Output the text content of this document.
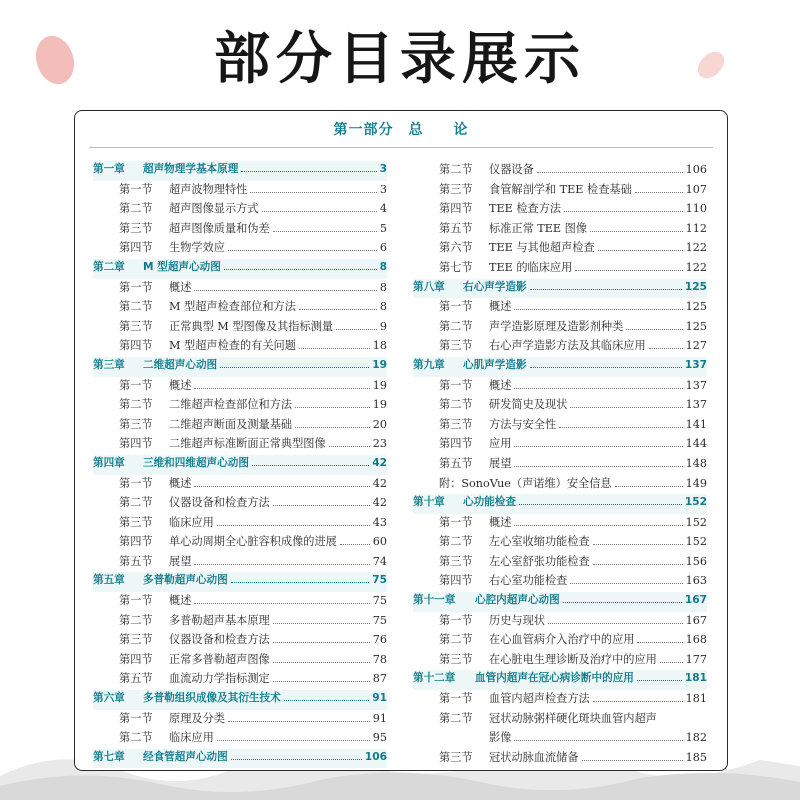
部分目录展示
第一部分　总　　论
第一章	超声物理学基本原理	3
第一节	超声波物理特性	3
第二节	超声图像显示方式	4
第三节	超声图像质量和伪差	5
第四节	生物学效应	6
第二章	M 型超声心动图	8
第一节	概述	8
第二节	M 型超声检查部位和方法	8
第三节	正常典型 M 型图像及其指标测量	9
第四节	M 型超声检查的有关问题	18
第三章	二维超声心动图	19
第一节	概述	19
第二节	二维超声检查部位和方法	19
第三节	二维超声断面及测量基础	20
第四节	二维超声标准断面正常典型图像	23
第四章	三维和四维超声心动图	42
第一节	概述	42
第二节	仪器设备和检查方法	42
第三节	临床应用	43
第四节	单心动周期全心脏容积成像的进展	60
第五节	展望	74
第五章	多普勒超声心动图	75
第一节	概述	75
第二节	多普勒超声基本原理	75
第三节	仪器设备和检查方法	76
第四节	正常多普勒超声图像	78
第五节	血流动力学指标测定	87
第六章	多普勒组织成像及其衍生技术	91
第一节	原理及分类	91
第二节	临床应用	95
第七章	经食管超声心动图	106
第二节	仪器设备	106
第三节	食管解剖学和 TEE 检查基础	107
第四节	TEE 检查方法	110
第五节	标准正常 TEE 图像	112
第六节	TEE 与其他超声检查	122
第七节	TEE 的临床应用	122
第八章	右心声学造影	125
第一节	概述	125
第二节	声学造影原理及造影剂种类	125
第三节	右心声学造影方法及其临床应用	127
第九章	心肌声学造影	137
第一节	概述	137
第二节	研发简史及现状	137
第三节	方法与安全性	141
第四节	应用	144
第五节	展望	148
附：SonoVue（声诺维）安全信息	149
第十章	心功能检查	152
第一节	概述	152
第二节	左心室收缩功能检查	152
第三节	左心室舒张功能检查	156
第四节	右心室功能检查	163
第十一章	心腔内超声心动图	167
第一节	历史与现状	167
第二节	在心血管病介入治疗中的应用	168
第三节	在心脏电生理诊断及治疗中的应用	177
第十二章	血管内超声在冠心病诊断中的应用	181
第一节	血管内超声检查方法	181
第二节	冠状动脉粥样硬化斑块血管内超声
影像	182
第三节	冠状动脉血流储备	185
